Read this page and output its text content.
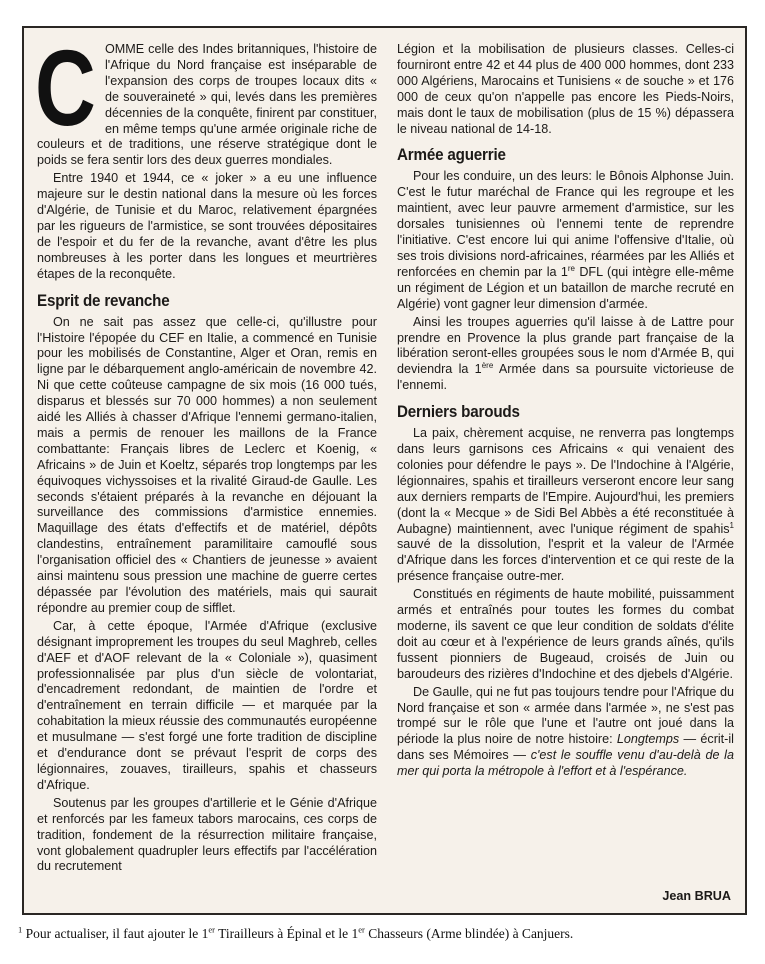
COMME celle des Indes britanniques, l'histoire de l'Afrique du Nord française est inséparable de l'expansion des corps de troupes locaux dits « de souveraineté » qui, levés dans les premières décennies de la conquête, finirent par constituer, en même temps qu'une armée originale riche de couleurs et de traditions, une réserve stratégique dont le poids se fera sentir lors des deux guerres mondiales.

Entre 1940 et 1944, ce « joker » a eu une influence majeure sur le destin national dans la mesure où les forces d'Algérie, de Tunisie et du Maroc, relativement épargnées par les rigueurs de l'armistice, se sont trouvées dépositaires de l'espoir et du fer de la revanche, avant d'être les plus nombreuses à les porter dans les longues et meurtrières étapes de la reconquête.

Esprit de revanche

On ne sait pas assez que celle-ci, qu'illustre pour l'Histoire l'épopée du CEF en Italie, a commencé en Tunisie pour les mobilisés de Constantine, Alger et Oran, remis en ligne par le débarquement anglo-américain de novembre 42. Ni que cette coûteuse campagne de six mois (16 000 tués, disparus et blessés sur 70 000 hommes) a non seulement aidé les Alliés à chasser d'Afrique l'ennemi germano-italien, mais a permis de renouer les maillons de la France combattante: Français libres de Leclerc et Koenig, « Africains » de Juin et Koeltz, séparés trop longtemps par les équivoques vichyssoises et la rivalité Giraud-de Gaulle. Les seconds s'étaient préparés à la revanche en déjouant la surveillance des commissions d'armistice ennemies. Maquillage des états d'effectifs et de matériel, dépôts clandestins, entraînement paramilitaire camouflé sous l'organisation officiel des « Chantiers de jeunesse » avaient ainsi maintenu sous pression une machine de guerre certes dépassée par l'évolution des matériels, mais qui saurait répondre au premier coup de sifflet.

Car, à cette époque, l'Armée d'Afrique (exclusive désignant improprement les troupes du seul Maghreb, celles d'AEF et d'AOF relevant de la « Coloniale »), quasiment professionnalisée par plus d'un siècle de volontariat, d'encadrement redondant, de maintien de l'ordre et d'entraînement en terrain difficile — et marquée par la cohabitation la mieux réussie des communautés européenne et musulmane — s'est forgé une forte tradition de discipline et d'endurance dont se prévaut l'esprit de corps des légionnaires, zouaves, tirailleurs, spahis et chasseurs d'Afrique.

Soutenus par les groupes d'artillerie et le Génie d'Afrique et renforcés par les fameux tabors marocains, ces corps de tradition, fondement de la résurrection militaire française, vont globalement quadrupler leurs effectifs par l'accélération du recrutement

Légion et la mobilisation de plusieurs classes. Celles-ci fourniront entre 42 et 44 plus de 400 000 hommes, dont 233 000 Algériens, Marocains et Tunisiens « de souche » et 176 000 de ceux qu'on n'appelle pas encore les Pieds-Noirs, mais dont le taux de mobilisation (plus de 15 %) dépassera le niveau national de 14-18.

Armée aguerrie

Pour les conduire, un des leurs: le Bônois Alphonse Juin. C'est le futur maréchal de France qui les regroupe et les maintient, avec leur pauvre armement d'armistice, sur les dorsales tunisiennes où l'ennemi tente de reprendre l'initiative. C'est encore lui qui anime l'offensive d'Italie, où ses trois divisions nord-africaines, réarmées par les Alliés et renforcées en chemin par la 1re DFL (qui intègre elle-même un régiment de Légion et un bataillon de marche recruté en Algérie) vont gagner leur dimension d'armée.

Ainsi les troupes aguerries qu'il laisse à de Lattre pour prendre en Provence la plus grande part française de la libération seront-elles groupées sous le nom d'Armée B, qui deviendra la 1ère Armée dans sa poursuite victorieuse de l'ennemi.

Derniers barouds

La paix, chèrement acquise, ne renverra pas longtemps dans leurs garnisons ces Africains « qui venaient des colonies pour défendre le pays ». De l'Indochine à l'Algérie, légionnaires, spahis et tirailleurs verseront encore leur sang aux derniers remparts de l'Empire. Aujourd'hui, les premiers (dont la « Mecque » de Sidi Bel Abbès a été reconstituée à Aubagne) maintiennent, avec l'unique régiment de spahis$^1$ sauvé de la dissolution, l'esprit et la valeur de l'Armée d'Afrique dans les forces d'intervention et ce qui reste de la présence française outre-mer.

Constitués en régiments de haute mobilité, puissamment armés et entraînés pour toutes les formes du combat moderne, ils savent ce que leur condition de soldats d'élite doit au cœur et à l'expérience de leurs grands aînés, qu'ils fussent pionniers de Bugeaud, croisés de Juin ou baroudeurs des rizières d'Indochine et des djebels d'Algérie.

De Gaulle, qui ne fut pas toujours tendre pour l'Afrique du Nord française et son « armée dans l'armée », ne s'est pas trompé sur le rôle que l'une et l'autre ont joué dans la période la plus noire de notre histoire: Longtemps — écrit-il dans ses Mémoires — c'est le souffle venu d'au-delà de la mer qui porta la métropole à l'effort et à l'espérance.

Jean BRUA
$^1$ Pour actualiser, il faut ajouter le 1er Tirailleurs à Épinal et le 1er Chasseurs (Arme blindée) à Canjuers.
